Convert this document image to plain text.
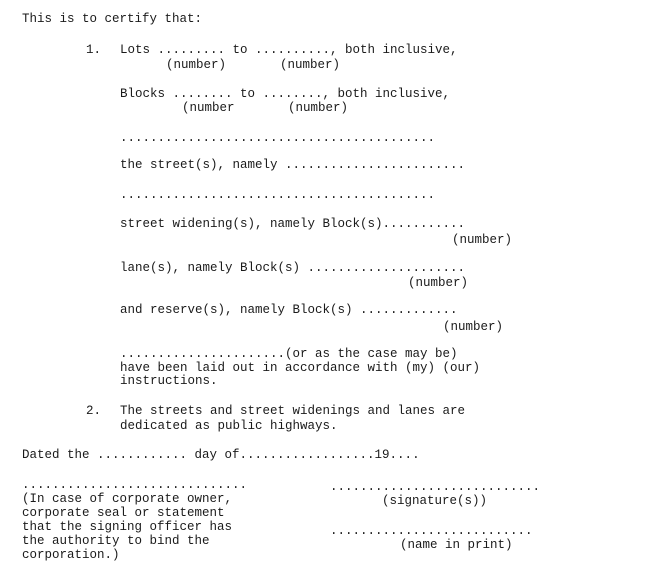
This is to certify that:
1. Lots ......... to .........., both inclusive,
(number)	(number)
Blocks ........ to ........, both inclusive,
(number	(number)
..........................................
the street(s), namely ........................
..........................................
street widening(s), namely Block(s)...........
(number)
lane(s), namely Block(s) .....................
(number)
and reserve(s), namely Block(s) .............
(number)
......................(or as the case may be)
have been laid out in accordance with (my) (our)
instructions.
2. The streets and street widenings and lanes are
dedicated as public highways.
Dated the ............ day of..................19....
..............................
(In case of corporate owner,
corporate seal or statement
that the signing officer has
the authority to bind the
corporation.)
............................
(signature(s))
...........................
(name in print)
